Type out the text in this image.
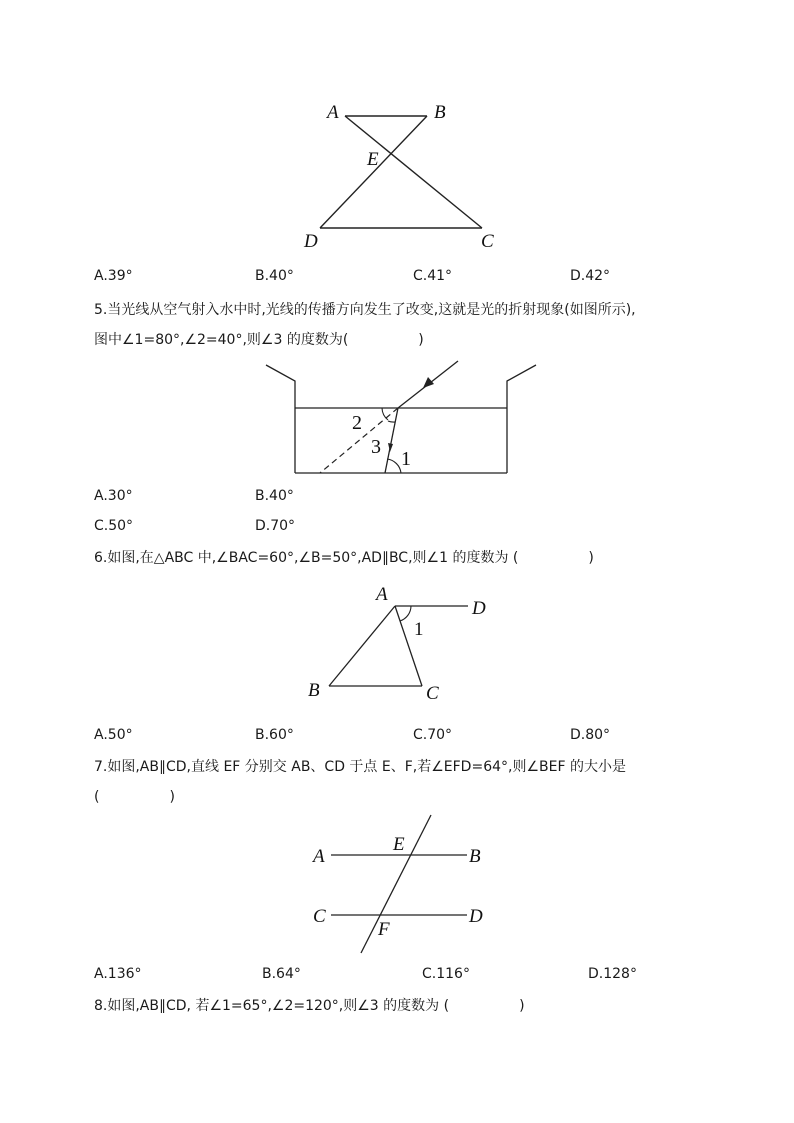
A	B
E
D	C
A.39°	B.40°	C.41°	D.42°
5.当光线从空气射入水中时,光线的传播方向发生了改变,这就是光的折射现象(如图所示),
图中∠1=80°,∠2=40°,则∠3 的度数为(　　　　　)
2
3
1
A.30°	B.40°
C.50°	D.70°
6.如图,在△ABC 中,∠BAC=60°,∠B=50°,AD∥BC,则∠1 的度数为 (　　　　　)
A
D
1
B	C
A.50°	B.60°	C.70°	D.80°
7.如图,AB∥CD,直线 EF 分别交 AB、CD 于点 E、F,若∠EFD=64°,则∠BEF 的大小是
(　　　　　)
A
E
B
C
F
D
A.136°	B.64°	C.116°	D.128°
8.如图,AB∥CD, 若∠1=65°,∠2=120°,则∠3 的度数为 (　　　　　)
